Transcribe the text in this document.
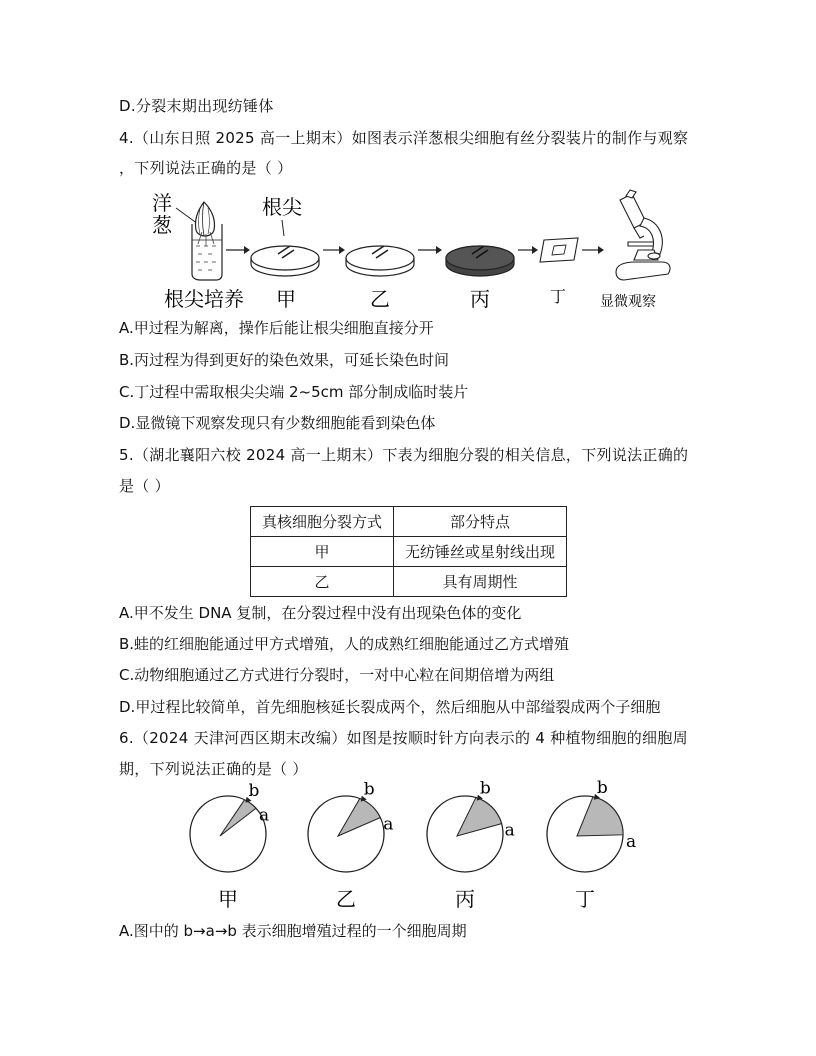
D.分裂末期出现纺锤体
4.（山东日照 2025 高一上期末）如图表示洋葱根尖细胞有丝分裂装片的制作与观察
，下列说法正确的是（ ）
洋
葱
根尖
根尖培养 甲	乙	丙	丁 显微观察
A.甲过程为解离，操作后能让根尖细胞直接分开
B.丙过程为得到更好的染色效果，可延长染色时间
C.丁过程中需取根尖尖端 2~5cm 部分制成临时装片
D.显微镜下观察发现只有少数细胞能看到染色体
5.（湖北襄阳六校 2024 高一上期末）下表为细胞分裂的相关信息，下列说法正确的
是（ ）
真核细胞分裂方式	部分特点
甲	无纺锤丝或星射线出现
乙	具有周期性
A.甲不发生 DNA 复制，在分裂过程中没有出现染色体的变化
B.蛙的红细胞能通过甲方式增殖，人的成熟红细胞能通过乙方式增殖
C.动物细胞通过乙方式进行分裂时，一对中心粒在间期倍增为两组
D.甲过程比较简单，首先细胞核延长裂成两个，然后细胞从中部缢裂成两个子细胞
6.（2024 天津河西区期末改编）如图是按顺时针方向表示的 4 种植物细胞的细胞周
期，下列说法正确的是（ ）
b
a
甲
b
a
乙
b
a
丙
b
a
丁
A.图中的 b→a→b 表示细胞增殖过程的一个细胞周期
